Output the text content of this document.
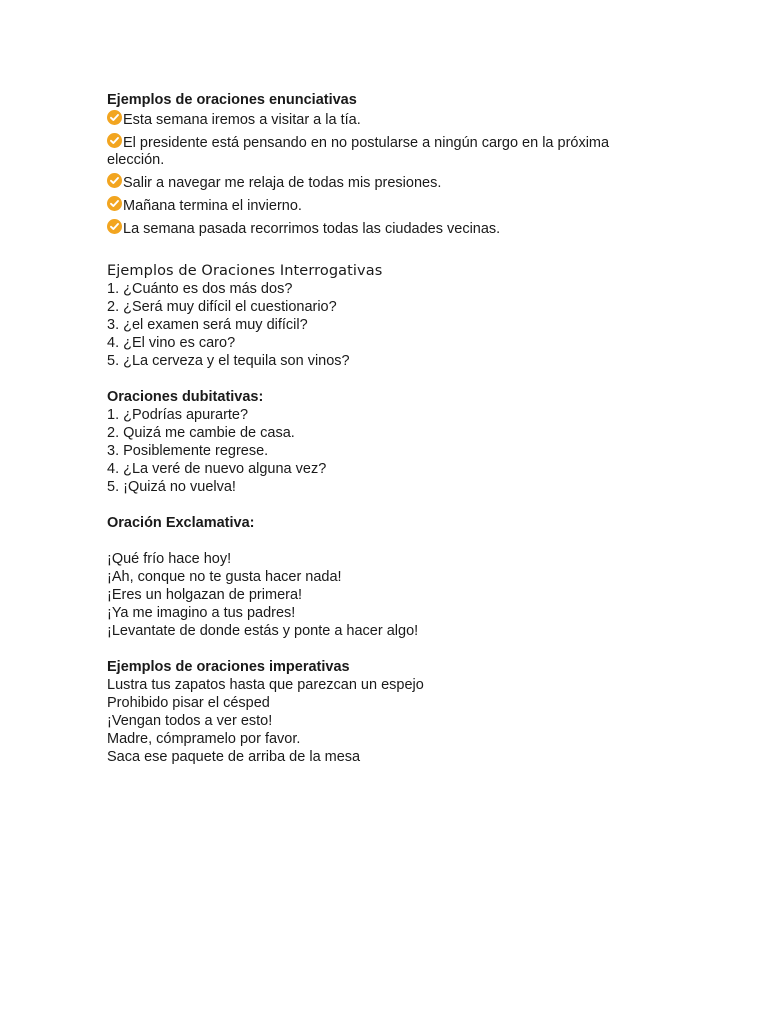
Ejemplos de oraciones enunciativas

Esta semana iremos a visitar a la tía.
El presidente está pensando en no postularse a ningún cargo en la próxima elección.
Salir a navegar me relaja de todas mis presiones.
Mañana termina el invierno.
La semana pasada recorrimos todas las ciudades vecinas.

Ejemplos de Oraciones Interrogativas

1. ¿Cuánto es dos más dos?

2. ¿Será muy difícil el cuestionario?

3. ¿el examen será muy difícil?

4. ¿El vino es caro?

5. ¿La cerveza y el tequila son vinos?

Oraciones dubitativas:

1. ¿Podrías apurarte?

2. Quizá me cambie de casa.

3. Posiblemente regrese.

4. ¿La veré de nuevo alguna vez?

5. ¡Quizá no vuelva!

Oración Exclamativa:

¡Qué frío hace hoy!

¡Ah, conque no te gusta hacer nada!

¡Eres un holgazan de primera!

¡Ya me imagino a tus padres!

¡Levantate de donde estás y ponte a hacer algo!

Ejemplos de oraciones imperativas

Lustra tus zapatos hasta que parezcan un espejo

Prohibido pisar el césped

¡Vengan todos a ver esto!

Madre, cómpramelo por favor.

Saca ese paquete de arriba de la mesa
